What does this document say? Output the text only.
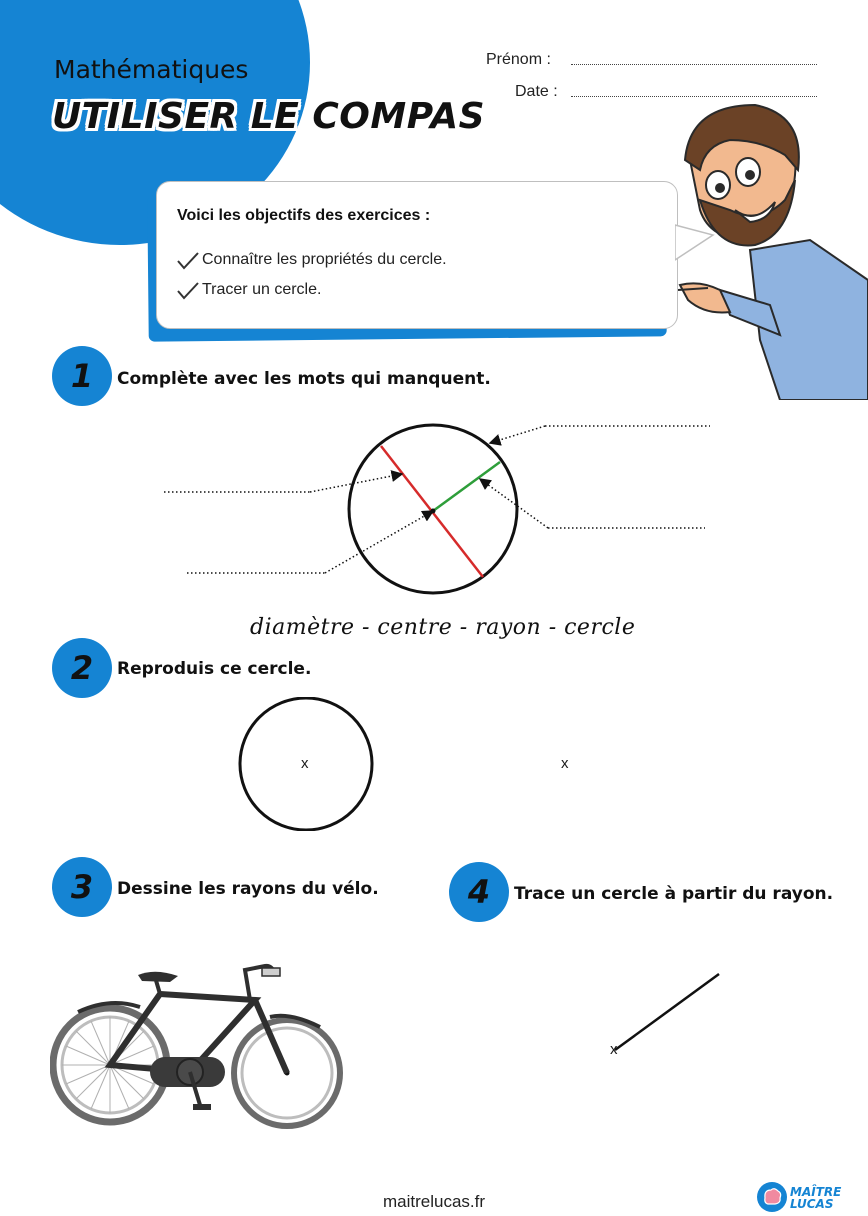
Mathématiques
UTILISER LE COMPAS
Prénom :
Date :
Voici les objectifs des exercices :
Connaître les propriétés du cercle.
Tracer un cercle.
1	Complète avec les mots qui manquent.
diamètre - centre - rayon - cercle
2	Reproduis ce cercle.
x	x
3	Dessine les rayons du vélo.	4	Trace un cercle à partir du rayon.
x
maitrelucas.fr	MAÎTRE
LUCAS
